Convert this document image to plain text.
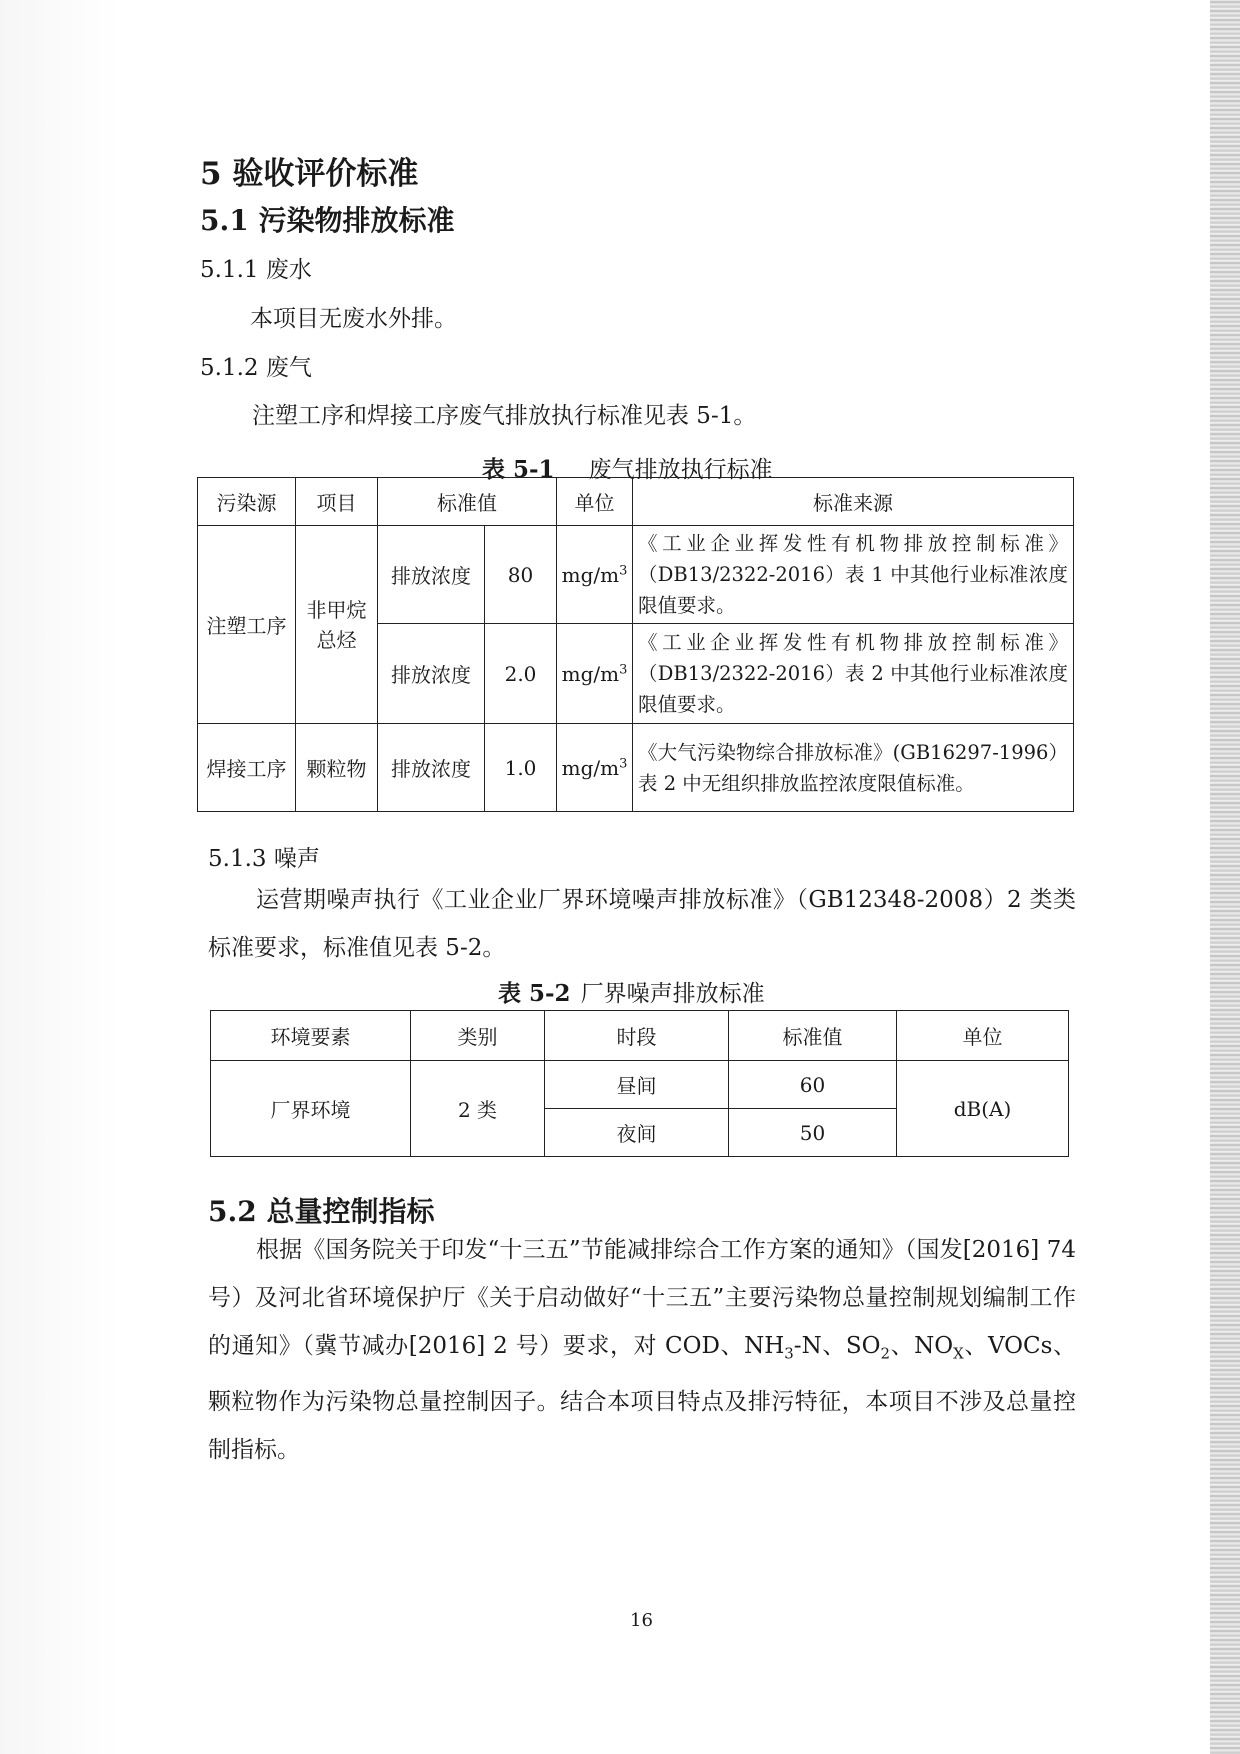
5 验收评价标准
5.1 污染物排放标准
5.1.1 废水
本项目无废水外排。
5.1.2 废气
注塑工序和焊接工序废气排放执行标准见表 5-1。
表 5-1 废气排放执行标准
污染源	项目	标准值		单位	标准来源
注塑工序	非甲烷总烃	排放浓度	80	$mg/m^3$	《工业企业挥发性有机物排放控制标准》（DB13/2322-2016）表 1 中其他行业标准浓度限值要求。
		排放浓度	2.0	$mg/m^3$	《工业企业挥发性有机物排放控制标准》（DB13/2322-2016）表 2 中其他行业标准浓度限值要求。
焊接工序	颗粒物	排放浓度	1.0	$mg/m^3$	《大气污染物综合排放标准》(GB16297-1996）表 2 中无组织排放监控浓度限值标准。
5.1.3 噪声
运营期噪声执行《工业企业厂界环境噪声排放标准》（GB12348-2008）2 类类标准要求，标准值见表 5-2。
表 5-2 厂界噪声排放标准
环境要素	类别	时段	标准值	单位
厂界环境	2 类	昼间	60	dB(A)
		夜间	50	
5.2 总量控制指标
根据《国务院关于印发“十三五”节能减排综合工作方案的通知》（国发[2016] 74 号）及河北省环境保护厅《关于启动做好“十三五”主要污染物总量控制规划编制工作的通知》（冀节减办[2016] 2 号）要求，对 COD、$NH_3-N$、$SO_2$、$NO_X$、VOCs、颗粒物作为污染物总量控制因子。结合本项目特点及排污特征，本项目不涉及总量控制指标。
16
